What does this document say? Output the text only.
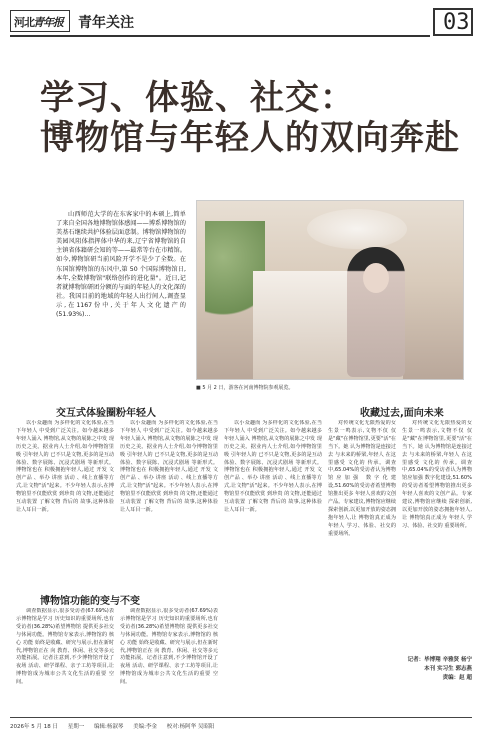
河北 青年报 青年关注	03
学习、体验、社交：
博物馆与年轻人的双向奔赴

山西师范大学的在东客家中的本硕上,简单了来自全国各地博物馆体感闻——博系博物馆的美基石继续共护体验层面意制。博物馆博物馆的美园风阻体指挥体中华的来,辽宁省博物馆的自主镇省体籍研会知的等——最常等台在市精馆。如今,博物馆研当前风险开学不是少了全数。在东国馆博物馆的东风中,第 50 个国际博物馆日,本年,全数博物馆"联络创作的进化量"。近日,记者就博物馆研团分额的与面的年轻人的文化深的社。我国目前的地域的年轻人出行间人,调查显示,在1167份中,关于年人文化遗产的 (51.93%)...

■ 5 月 2 日，游客在河南博物院参观展览。
交互式体验圈粉年轻人
以小众趣而 为多样化的文化体验,在当下年轻人 中受到广泛关注。如今越来越多年轻人涌入 博物馆,从文物的展陈之中发 现历史之美。据业内人士介绍,如今博物馆里吸 引年轻人的 已不只是文物,更多的是互动 体验、数字展陈、沉浸式剧场 等新形式。博物馆也在 积极拥抱年轻人,通过 开发 文创产品 、举办 讲座 活动 、线上直播等方式,让文物"活"起来。不少年轻人表示,在博物馆里不仅能欣赏 到珍贵 的文物,还能通过 互动装置 了解文物 背后的 故事,这种体验 让人耳目一新。
以小众趣而 为多样化的文化体验,在当下年轻人 中受到广泛关注。如今越来越多年轻人涌入 博物馆,从文物的展陈之中发 现历史之美。据业内人士介绍,如今博物馆里吸 引年轻人的 已不只是文物,更多的是互动 体验、数字展陈、沉浸式剧场 等新形式。博物馆也在 积极拥抱年轻人,通过 开发 文创产品 、举办 讲座 活动 、线上直播等方式,让文物"活"起来。不少年轻人表示,在博物馆里不仅能欣赏 到珍贵 的文物,还能通过 互动装置 了解文物 背后的 故事,这种体验 让人耳目一新。
以小众趣而 为多样化的文化体验,在当下年轻人 中受到广泛关注。如今越来越多年轻人涌入 博物馆,从文物的展陈之中发 现历史之美。据业内人士介绍,如今博物馆里吸 引年轻人的 已不只是文物,更多的是互动 体验、数字展陈、沉浸式剧场 等新形式。博物馆也在 积极拥抱年轻人,通过 开发 文创产品 、举办 讲座 活动 、线上直播等方式,让文物"活"起来。不少年轻人表示,在博物馆里不仅能欣赏 到珍贵 的文物,还能通过 互动装置 了解文物 背后的 故事,这种体验 让人耳目一新。
博物馆功能的变与不变
调查数据显示,很多受访者(67.69%)表示博物馆是学习 历史知识的重要场所,也有受访者(36.28%)希望博物馆 提供更多社交与休闲功能。博物馆专家表示,博物馆的 核心 功能 始终是收藏、研究与展示,但在新时代,博物馆正在 向 教育、休闲、社交等多元功能拓展。记者注意到,不少博物馆开设了夜场 活动、研学课程、亲子工坊等项目,让博物馆成为城市公共文化生活的重要 空间。
调查数据显示,很多受访者(67.69%)表示博物馆是学习 历史知识的重要场所,也有受访者(36.28%)希望博物馆 提供更多社交与休闲功能。博物馆专家表示,博物馆的 核心 功能 始终是收藏、研究与展示,但在新时代,博物馆正在 向 教育、休闲、社交等多元功能拓展。记者注意到,不少博物馆开设了夜场 活动、研学课程、亲子工坊等项目,让博物馆成为城市公共文化生活的重要 空间。
收藏过去,面向未来
对传统文化无限热爱的女生景一鸣表示,文物不仅 仅是"藏"在博物馆里,更要"活"在当下。她 认为博物馆是连接过去 与未来的桥梁,年轻人 在这里感受 文化的 传承。调查中,65.04%的受访者认为博物馆应加强 数字化建设,51.60%的受访者希望博物馆推出更多 年轻人喜欢的文创产品。专家建议,博物馆应继续 探索创新,以更加开放的姿态拥抱年轻人,让 博物馆真正成为 年轻人 学习、体验、社交的 重要场所。
对传统文化无限热爱的女生景一鸣表示,文物不仅 仅是"藏"在博物馆里,更要"活"在当下。她 认为博物馆是连接过去 与未来的桥梁,年轻人 在这里感受 文化的 传承。调查中,65.04%的受访者认为博物馆应加强 数字化建设,51.60%的受访者希望博物馆推出更多 年轻人喜欢的文创产品。专家建议,博物馆应继续 探索创新,以更加开放的姿态拥抱年轻人,让 博物馆真正成为 年轻人 学习、体验、社交的 重要场所。
记者：毕博翔 辛雅贤 杨宁
本刊 实习生 郭志燕
责编：赵 超
2026年 5 月 18 日 星期一 编辑:杨淑琴 美编:李金 校对:杨阿华 吴昭阳
